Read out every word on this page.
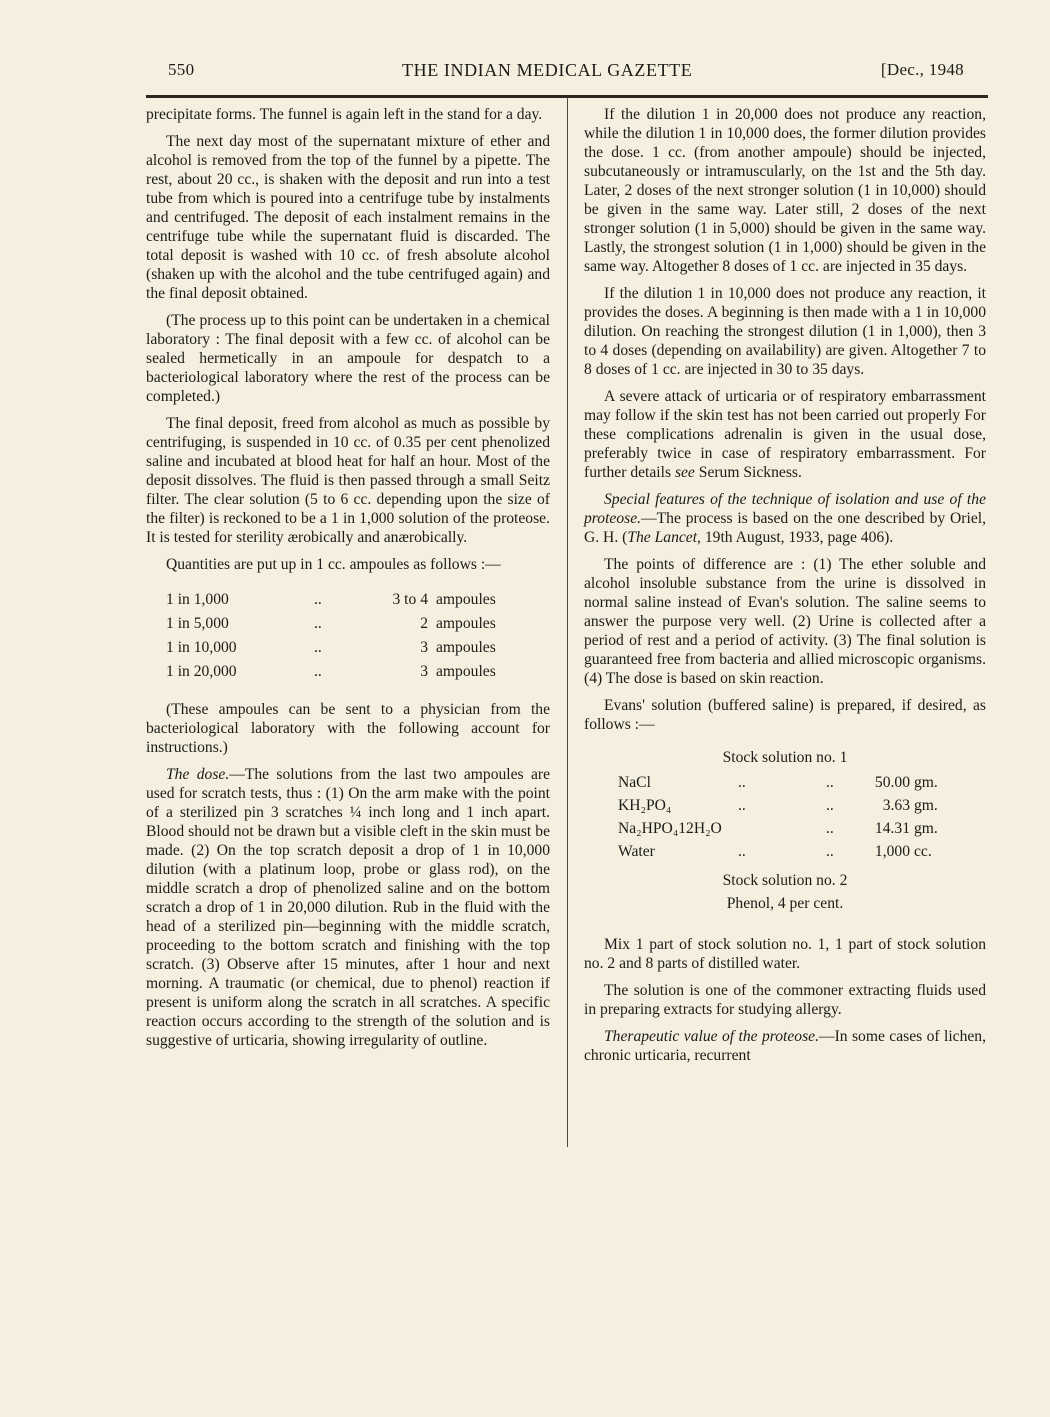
550	THE INDIAN MEDICAL GAZETTE	[Dec., 1948

precipitate forms. The funnel is again left in the stand for a day.

The next day most of the supernatant mixture of ether and alcohol is removed from the top of the funnel by a pipette. The rest, about 20 cc., is shaken with the deposit and run into a test tube from which is poured into a centrifuge tube by instalments and centrifuged. The deposit of each instalment remains in the centrifuge tube while the supernatant fluid is discarded. The total deposit is washed with 10 cc. of fresh absolute alcohol (shaken up with the alcohol and the tube centrifuged again) and the final deposit obtained.

(The process up to this point can be undertaken in a chemical laboratory : The final deposit with a few cc. of alcohol can be sealed hermetically in an ampoule for despatch to a bacteriological laboratory where the rest of the process can be completed.)

The final deposit, freed from alcohol as much as possible by centrifuging, is suspended in 10 cc. of 0.35 per cent phenolized saline and incubated at blood heat for half an hour. Most of the deposit dissolves. The fluid is then passed through a small Seitz filter. The clear solution (5 to 6 cc. depending upon the size of the filter) is reckoned to be a 1 in 1,000 solution of the proteose. It is tested for sterility ærobically and anærobically.

Quantities are put up in 1 cc. ampoules as follows :—

1 in 1,000	..	3 to 4	ampoules
1 in 5,000	..	2	ampoules
1 in 10,000	..	3	ampoules
1 in 20,000	..	3	ampoules

(These ampoules can be sent to a physician from the bacteriological laboratory with the following account for instructions.)

The dose.—The solutions from the last two ampoules are used for scratch tests, thus : (1) On the arm make with the point of a sterilized pin 3 scratches ¼ inch long and 1 inch apart. Blood should not be drawn but a visible cleft in the skin must be made. (2) On the top scratch deposit a drop of 1 in 10,000 dilution (with a platinum loop, probe or glass rod), on the middle scratch a drop of phenolized saline and on the bottom scratch a drop of 1 in 20,000 dilution. Rub in the fluid with the head of a sterilized pin—beginning with the middle scratch, proceeding to the bottom scratch and finishing with the top scratch. (3) Observe after 15 minutes, after 1 hour and next morning. A traumatic (or chemical, due to phenol) reaction if present is uniform along the scratch in all scratches. A specific reaction occurs according to the strength of the solution and is suggestive of urticaria, showing irregularity of outline.

If the dilution 1 in 20,000 does not produce any reaction, while the dilution 1 in 10,000 does, the former dilution provides the dose. 1 cc. (from another ampoule) should be injected, subcutaneously or intramuscularly, on the 1st and the 5th day. Later, 2 doses of the next stronger solution (1 in 10,000) should be given in the same way. Later still, 2 doses of the next stronger solution (1 in 5,000) should be given in the same way. Lastly, the strongest solution (1 in 1,000) should be given in the same way. Altogether 8 doses of 1 cc. are injected in 35 days.

If the dilution 1 in 10,000 does not produce any reaction, it provides the doses. A beginning is then made with a 1 in 10,000 dilution. On reaching the strongest dilution (1 in 1,000), then 3 to 4 doses (depending on availability) are given. Altogether 7 to 8 doses of 1 cc. are injected in 30 to 35 days.

A severe attack of urticaria or of respiratory embarrassment may follow if the skin test has not been carried out properly For these complications adrenalin is given in the usual dose, preferably twice in case of respiratory embarrassment. For further details see Serum Sickness.

Special features of the technique of isolation and use of the proteose.—The process is based on the one described by Oriel, G. H. (The Lancet, 19th August, 1933, page 406).

The points of difference are : (1) The ether soluble and alcohol insoluble substance from the urine is dissolved in normal saline instead of Evan's solution. The saline seems to answer the purpose very well. (2) Urine is collected after a period of rest and a period of activity. (3) The final solution is guaranteed free from bacteria and allied microscopic organisms. (4) The dose is based on skin reaction.

Evans' solution (buffered saline) is prepared, if desired, as follows :—

Stock solution no. 1
NaCl	..	..	50.00	gm.
KH₂PO₄	..	..	3.63	gm.
Na₂HPO₄12H₂O		..	14.31	gm.
Water	..	..	1,000	cc.
Stock solution no. 2
Phenol, 4 per cent.

Mix 1 part of stock solution no. 1, 1 part of stock solution no. 2 and 8 parts of distilled water.

The solution is one of the commoner extracting fluids used in preparing extracts for studying allergy.

Therapeutic value of the proteose.—In some cases of lichen, chronic urticaria, recurrent
